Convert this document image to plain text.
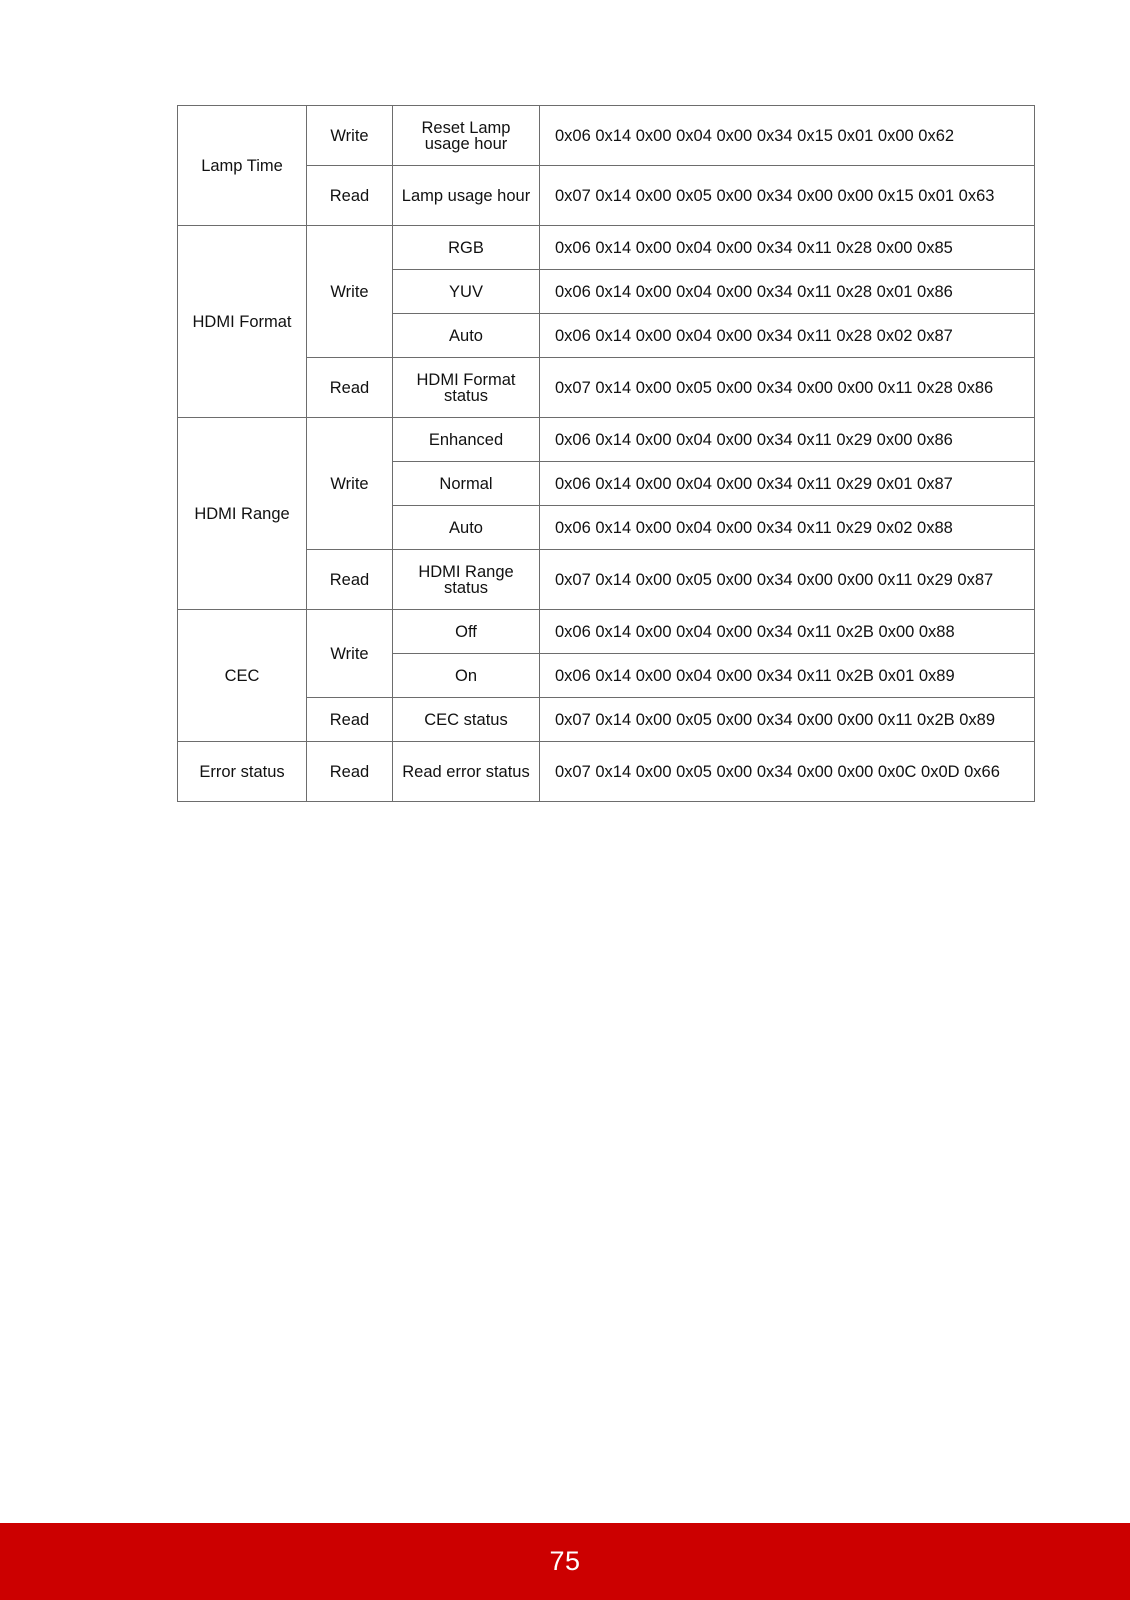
Lamp Time	Write	Reset Lamp usage hour	0x06 0x14 0x00 0x04 0x00 0x34 0x15 0x01 0x00 0x62
	Read	Lamp usage hour	0x07 0x14 0x00 0x05 0x00 0x34 0x00 0x00 0x15 0x01 0x63
HDMI Format	Write	RGB	0x06 0x14 0x00 0x04 0x00 0x34 0x11 0x28 0x00 0x85
		YUV	0x06 0x14 0x00 0x04 0x00 0x34 0x11 0x28 0x01 0x86
		Auto	0x06 0x14 0x00 0x04 0x00 0x34 0x11 0x28 0x02 0x87
	Read	HDMI Format status	0x07 0x14 0x00 0x05 0x00 0x34 0x00 0x00 0x11 0x28 0x86
HDMI Range	Write	Enhanced	0x06 0x14 0x00 0x04 0x00 0x34 0x11 0x29 0x00 0x86
		Normal	0x06 0x14 0x00 0x04 0x00 0x34 0x11 0x29 0x01 0x87
		Auto	0x06 0x14 0x00 0x04 0x00 0x34 0x11 0x29 0x02 0x88
	Read	HDMI Range status	0x07 0x14 0x00 0x05 0x00 0x34 0x00 0x00 0x11 0x29 0x87
CEC	Write	Off	0x06 0x14 0x00 0x04 0x00 0x34 0x11 0x2B 0x00 0x88
		On	0x06 0x14 0x00 0x04 0x00 0x34 0x11 0x2B 0x01 0x89
	Read	CEC status	0x07 0x14 0x00 0x05 0x00 0x34 0x00 0x00 0x11 0x2B 0x89
Error status	Read	Read error status	0x07 0x14 0x00 0x05 0x00 0x34 0x00 0x00 0x0C 0x0D 0x66
75
